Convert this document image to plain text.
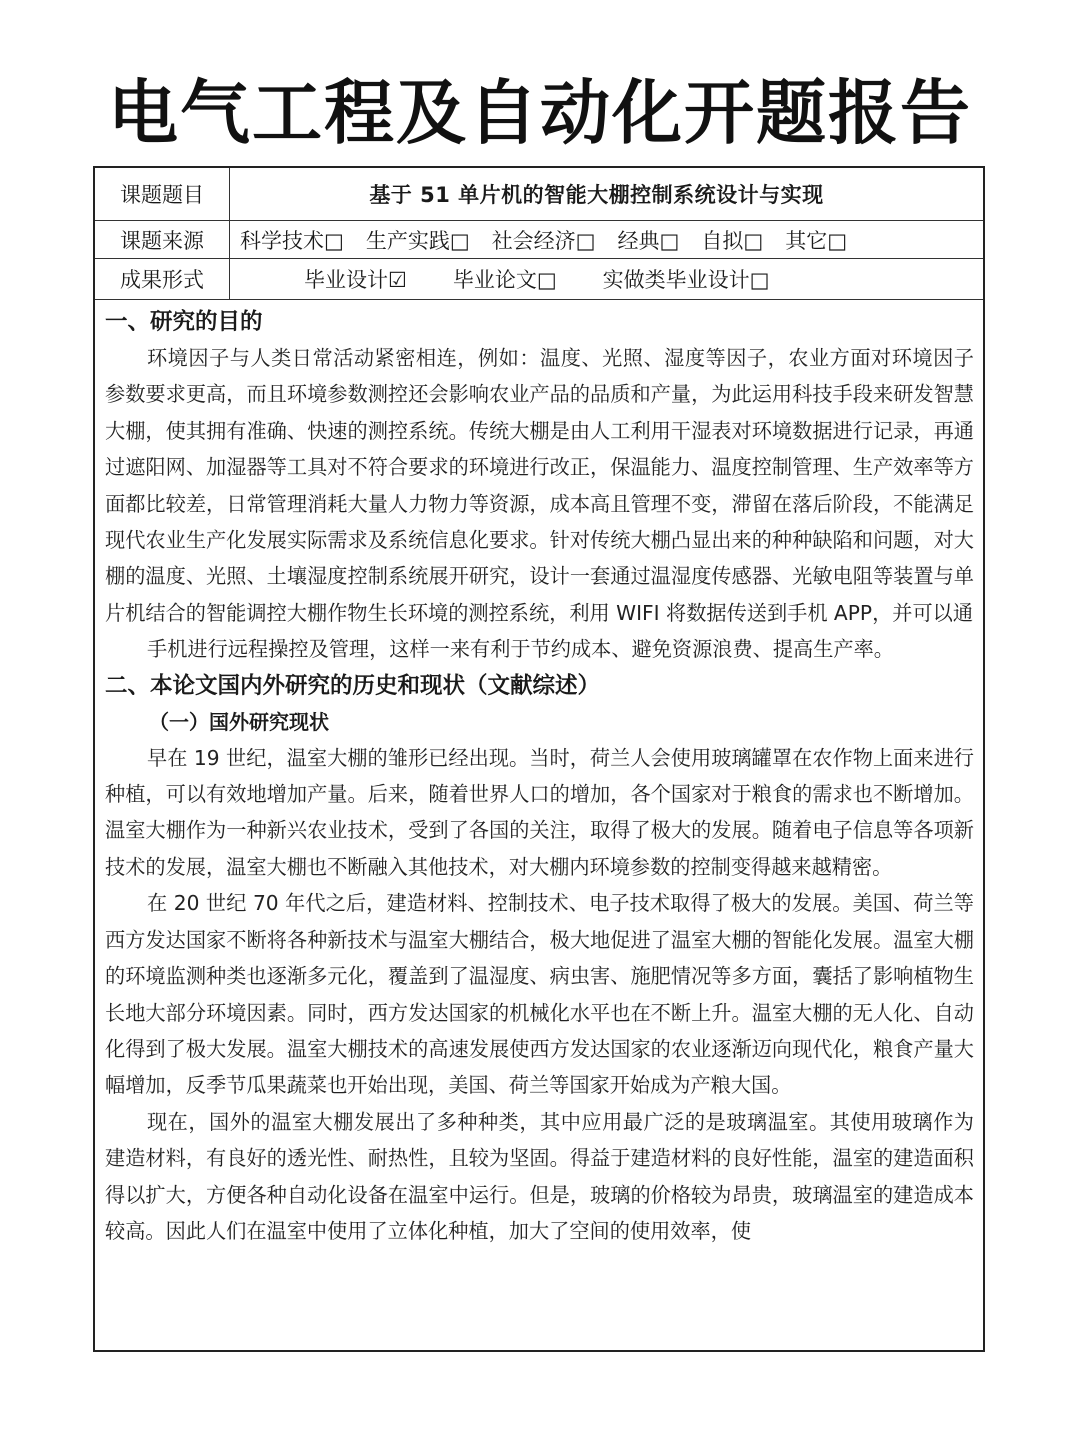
电气工程及自动化开题报告
课题题目	基于 51 单片机的智能大棚控制系统设计与实现
课题来源	科学技术□ 生产实践□ 社会经济□ 经典□ 自拟□ 其它□
成果形式	毕业设计☑ 毕业论文□ 实做类毕业设计□

一、研究的目的

环境因子与人类日常活动紧密相连，例如：温度、光照、湿度等因子，农业方面对环境因子参数要求更高，而且环境参数测控还会影响农业产品的品质和产量，为此运用科技手段来研发智慧大棚，使其拥有准确、快速的测控系统。传统大棚是由人工利用干湿表对环境数据进行记录，再通过遮阳网、加湿器等工具对不符合要求的环境进行改正，保温能力、温度控制管理、生产效率等方面都比较差，日常管理消耗大量人力物力等资源，成本高且管理不变，滞留在落后阶段，不能满足现代农业生产化发展实际需求及系统信息化要求。针对传统大棚凸显出来的种种缺陷和问题，对大棚的温度、光照、土壤湿度控制系统展开研究，设计一套通过温湿度传感器、光敏电阻等装置与单片机结合的智能调控大棚作物生长环境的测控系统，利用 WIFI 将数据传送到手机 APP，并可以通

手机进行远程操控及管理，这样一来有利于节约成本、避免资源浪费、提高生产率。

二、本论文国内外研究的历史和现状（文献综述）

（一）国外研究现状

早在 19 世纪，温室大棚的雏形已经出现。当时，荷兰人会使用玻璃罐罩在农作物上面来进行种植，可以有效地增加产量。后来，随着世界人口的增加，各个国家对于粮食的需求也不断增加。温室大棚作为一种新兴农业技术，受到了各国的关注，取得了极大的发展。随着电子信息等各项新技术的发展，温室大棚也不断融入其他技术，对大棚内环境参数的控制变得越来越精密。

在 20 世纪 70 年代之后，建造材料、控制技术、电子技术取得了极大的发展。美国、荷兰等西方发达国家不断将各种新技术与温室大棚结合，极大地促进了温室大棚的智能化发展。温室大棚的环境监测种类也逐渐多元化，覆盖到了温湿度、病虫害、施肥情况等多方面，囊括了影响植物生长地大部分环境因素。同时，西方发达国家的机械化水平也在不断上升。温室大棚的无人化、自动化得到了极大发展。温室大棚技术的高速发展使西方发达国家的农业逐渐迈向现代化，粮食产量大幅增加，反季节瓜果蔬菜也开始出现，美国、荷兰等国家开始成为产粮大国。

现在，国外的温室大棚发展出了多种种类，其中应用最广泛的是玻璃温室。其使用玻璃作为建造材料，有良好的透光性、耐热性，且较为坚固。得益于建造材料的良好性能，温室的建造面积得以扩大，方便各种自动化设备在温室中运行。但是，玻璃的价格较为昂贵，玻璃温室的建造成本较高。因此人们在温室中使用了立体化种植，加大了空间的使用效率，使
